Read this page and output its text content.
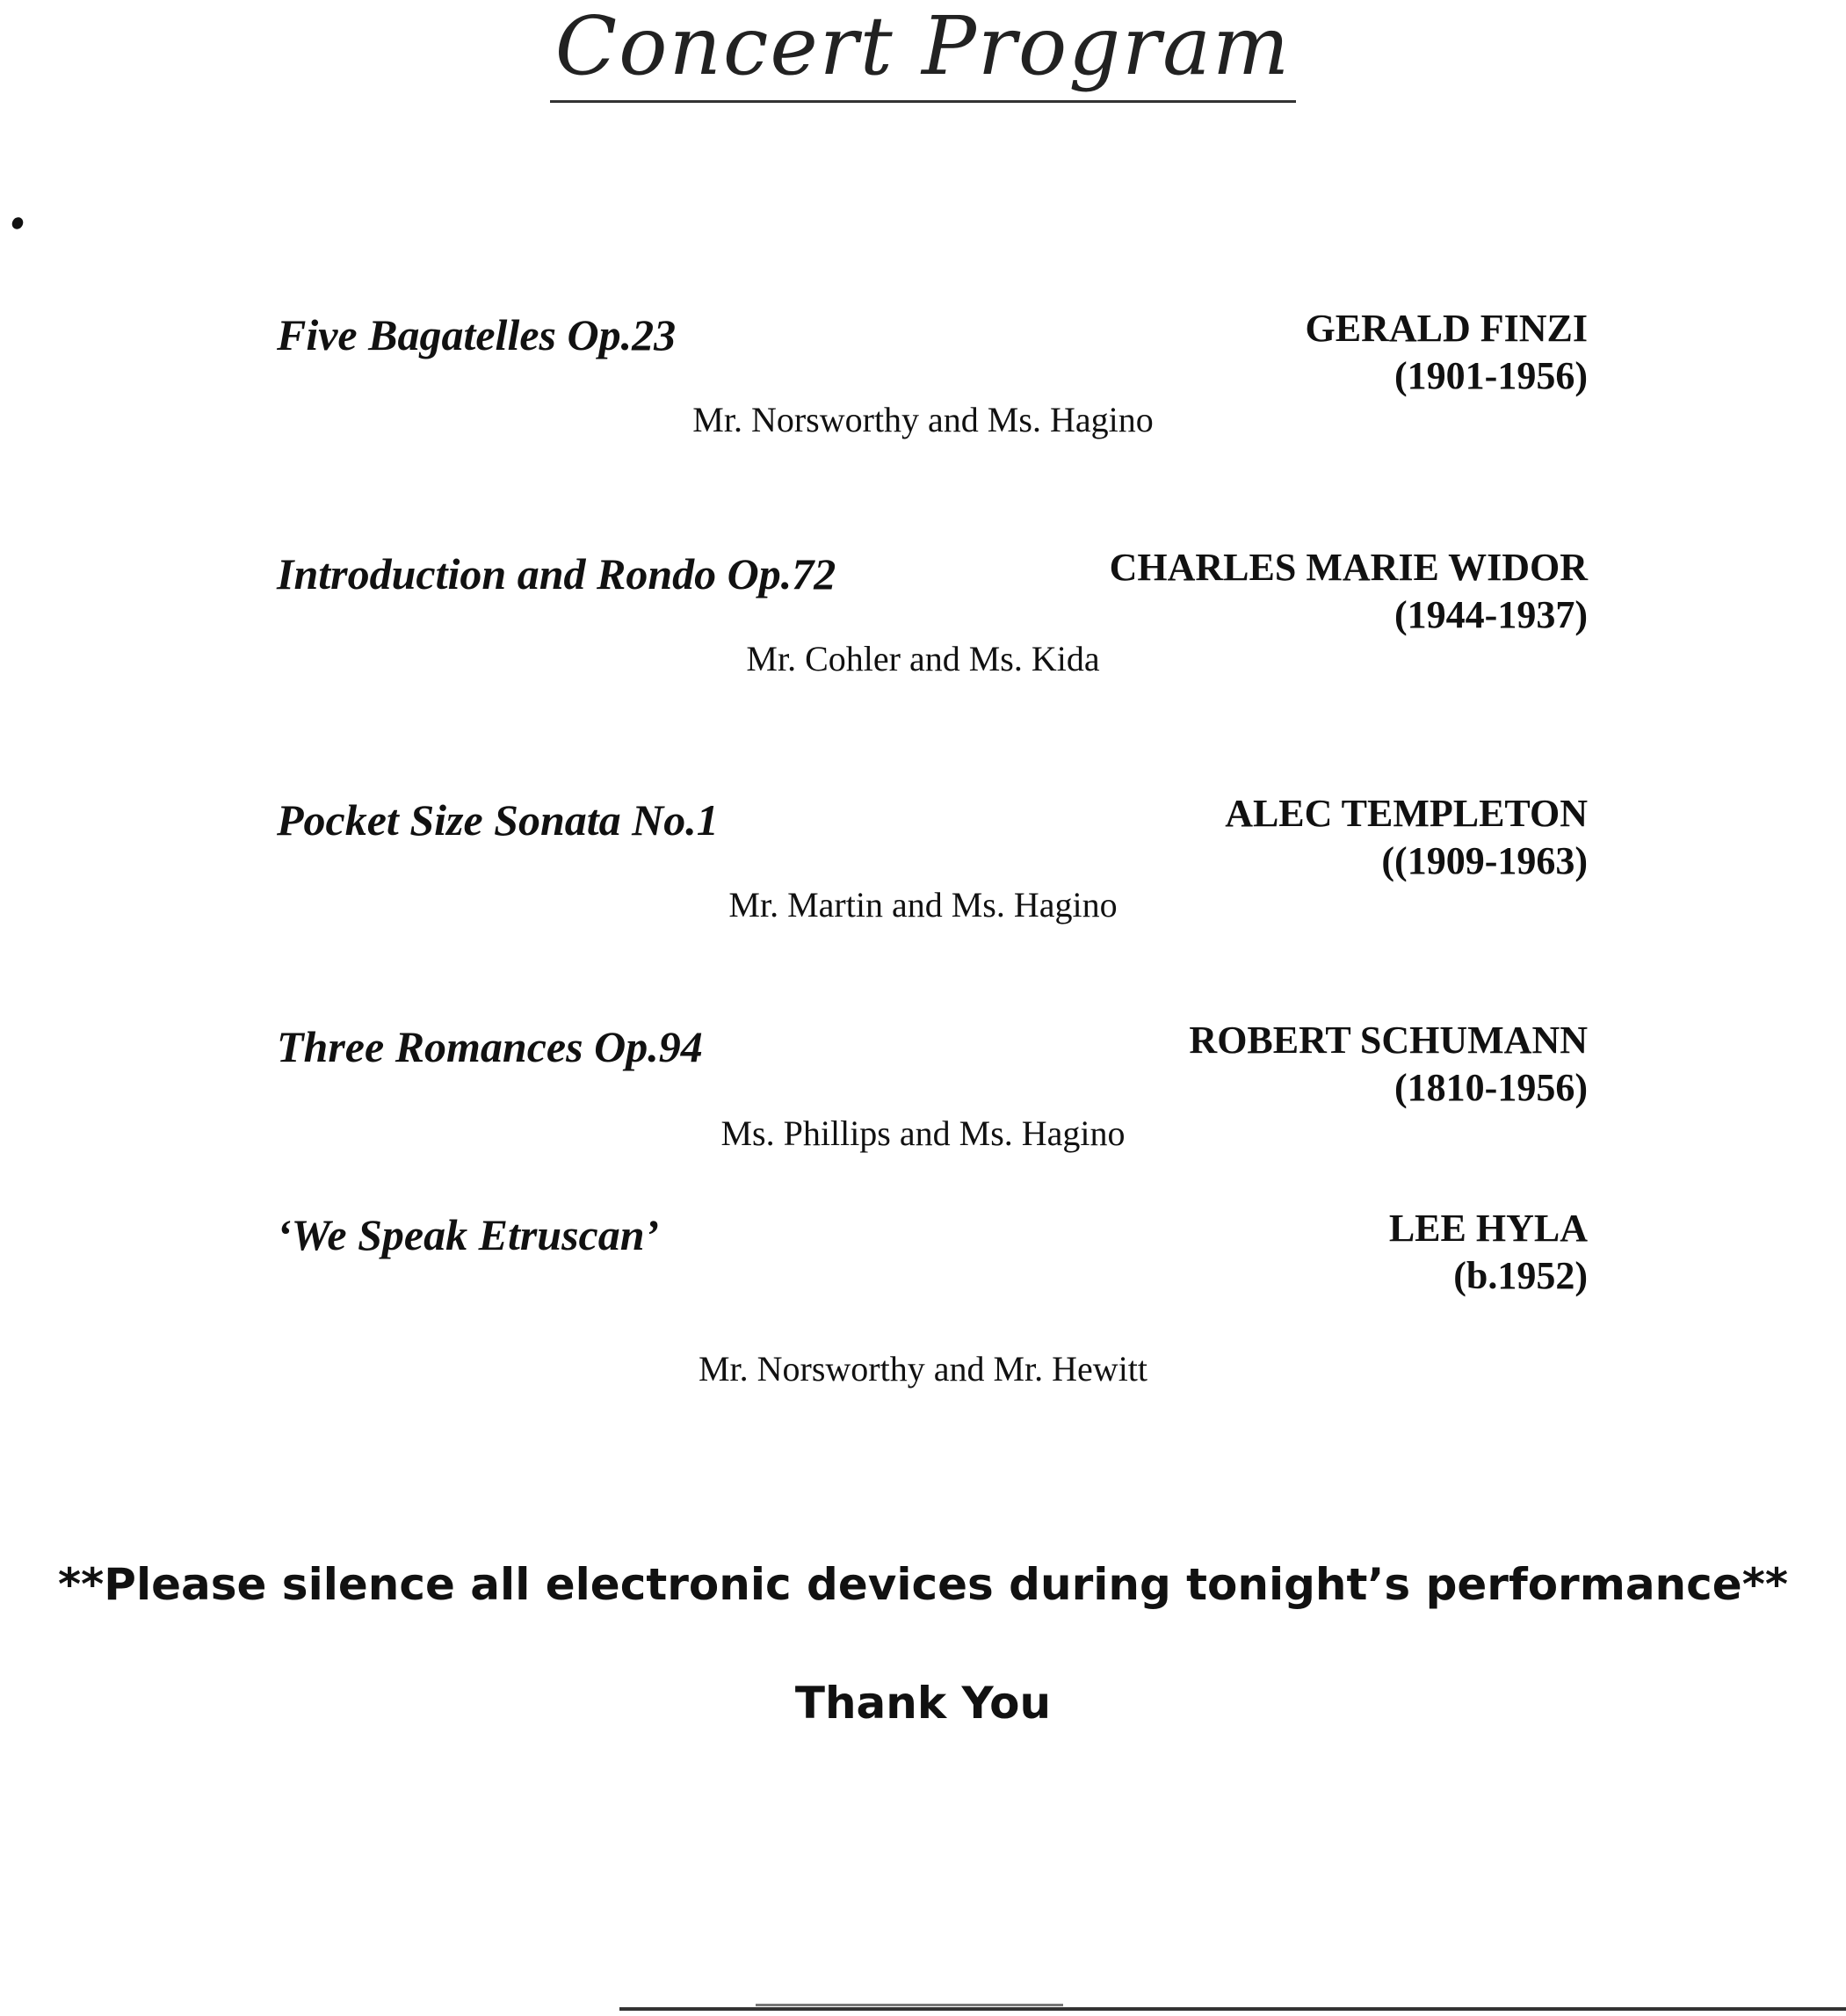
Concert Program
Five Bagatelles Op.23	GERALD FINZI
(1901-1956)
Mr. Norsworthy and Ms. Hagino
Introduction and Rondo Op.72	CHARLES MARIE WIDOR
(1944-1937)
Mr. Cohler and Ms. Kida
Pocket Size Sonata No.1	ALEC TEMPLETON
((1909-1963)
Mr. Martin and Ms. Hagino
Three Romances Op.94	ROBERT SCHUMANN
(1810-1956)
Ms. Phillips and Ms. Hagino
‘We Speak Etruscan’	LEE HYLA
(b.1952)
Mr. Norsworthy and Mr. Hewitt
**Please silence all electronic devices during tonight’s performance**
Thank You
